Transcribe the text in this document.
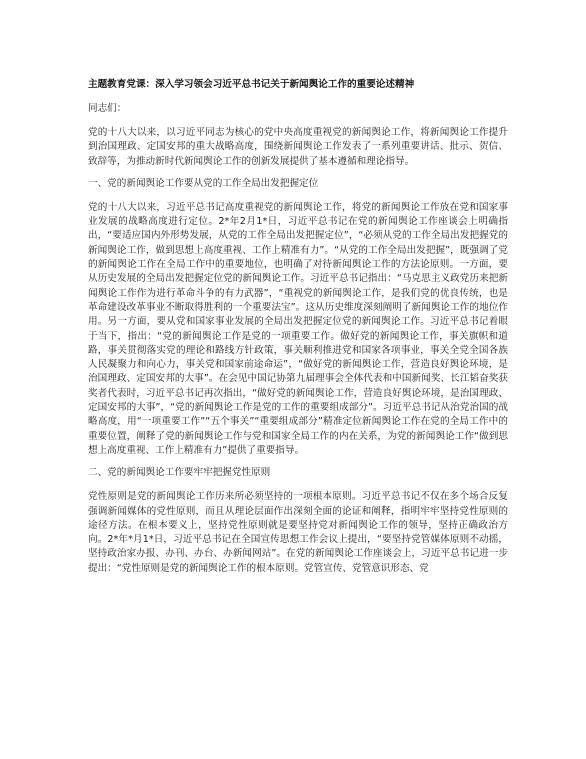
主题教育党课：深入学习领会习近平总书记关于新闻舆论工作的重要论述精神
同志们：

党的十八大以来，以习近平同志为核心的党中央高度重视党的新闻舆论工作，将新闻舆论工作提升到治国理政、定国安邦的重大战略高度，围绕新闻舆论工作发表了一系列重要讲话、批示、贺信、致辞等，为推动新时代新闻舆论工作的创新发展提供了基本遵循和理论指导。

一、党的新闻舆论工作要从党的工作全局出发把握定位

党的十八大以来，习近平总书记高度重视党的新闻舆论工作，将党的新闻舆论工作放在党和国家事业发展的战略高度进行定位。2*年2月1*日，习近平总书记在党的新闻舆论工作座谈会上明确指出，“要适应国内外形势发展，从党的工作全局出发把握定位”，“必须从党的工作全局出发把握党的新闻舆论工作，做到思想上高度重视、工作上精准有力”。“从党的工作全局出发把握”，既强调了党的新闻舆论工作在全局工作中的重要地位，也明确了对待新闻舆论工作的方法论原则。一方面，要从历史发展的全局出发把握定位党的新闻舆论工作。习近平总书记指出：“马克思主义政党历来把新闻舆论工作作为进行革命斗争的有力武器”，“重视党的新闻舆论工作，是我们党的优良传统，也是革命建设改革事业不断取得胜利的一个重要法宝”。这从历史维度深刻阐明了新闻舆论工作的地位作用。另一方面，要从党和国家事业发展的全局出发把握定位党的新闻舆论工作。习近平总书记着眼于当下，指出：“党的新闻舆论工作是党的一项重要工作。做好党的新闻舆论工作，事关旗帜和道路，事关贯彻落实党的理论和路线方针政策，事关顺利推进党和国家各项事业，事关全党全国各族人民凝聚力和向心力，事关党和国家前途命运”，“做好党的新闻舆论工作，营造良好舆论环境，是治国理政、定国安邦的大事”。在会见中国记协第九届理事会全体代表和中国新闻奖、长江韬奋奖获奖者代表时，习近平总书记再次指出，“做好党的新闻舆论工作，营造良好舆论环境，是治国理政、定国安邦的大事”，“党的新闻舆论工作是党的工作的重要组成部分”。习近平总书记从治党治国的战略高度，用“一项重要工作”“五个事关”“重要组成部分”精准定位新闻舆论工作在党的全局工作中的重要位置，阐释了党的新闻舆论工作与党和国家全局工作的内在关系，为党的新闻舆论工作“做到思想上高度重视、工作上精准有力”提供了重要指导。

二、党的新闻舆论工作要牢牢把握党性原则

党性原则是党的新闻舆论工作历来所必须坚持的一项根本原则。习近平总书记不仅在多个场合反复强调新闻媒体的党性原则，而且从理论层面作出深刻全面的论证和阐释，指明牢牢坚持党性原则的途径方法。在根本要义上，坚持党性原则就是要坚持党对新闻舆论工作的领导，坚持正确政治方向。2*年*月1*日，习近平总书记在全国宣传思想工作会议上提出，“要坚持党管媒体原则不动摇，坚持政治家办报、办刊、办台、办新闻网站”。在党的新闻舆论工作座谈会上，习近平总书记进一步提出：“党性原则是党的新闻舆论工作的根本原则。党管宣传、党管意识形态、党
